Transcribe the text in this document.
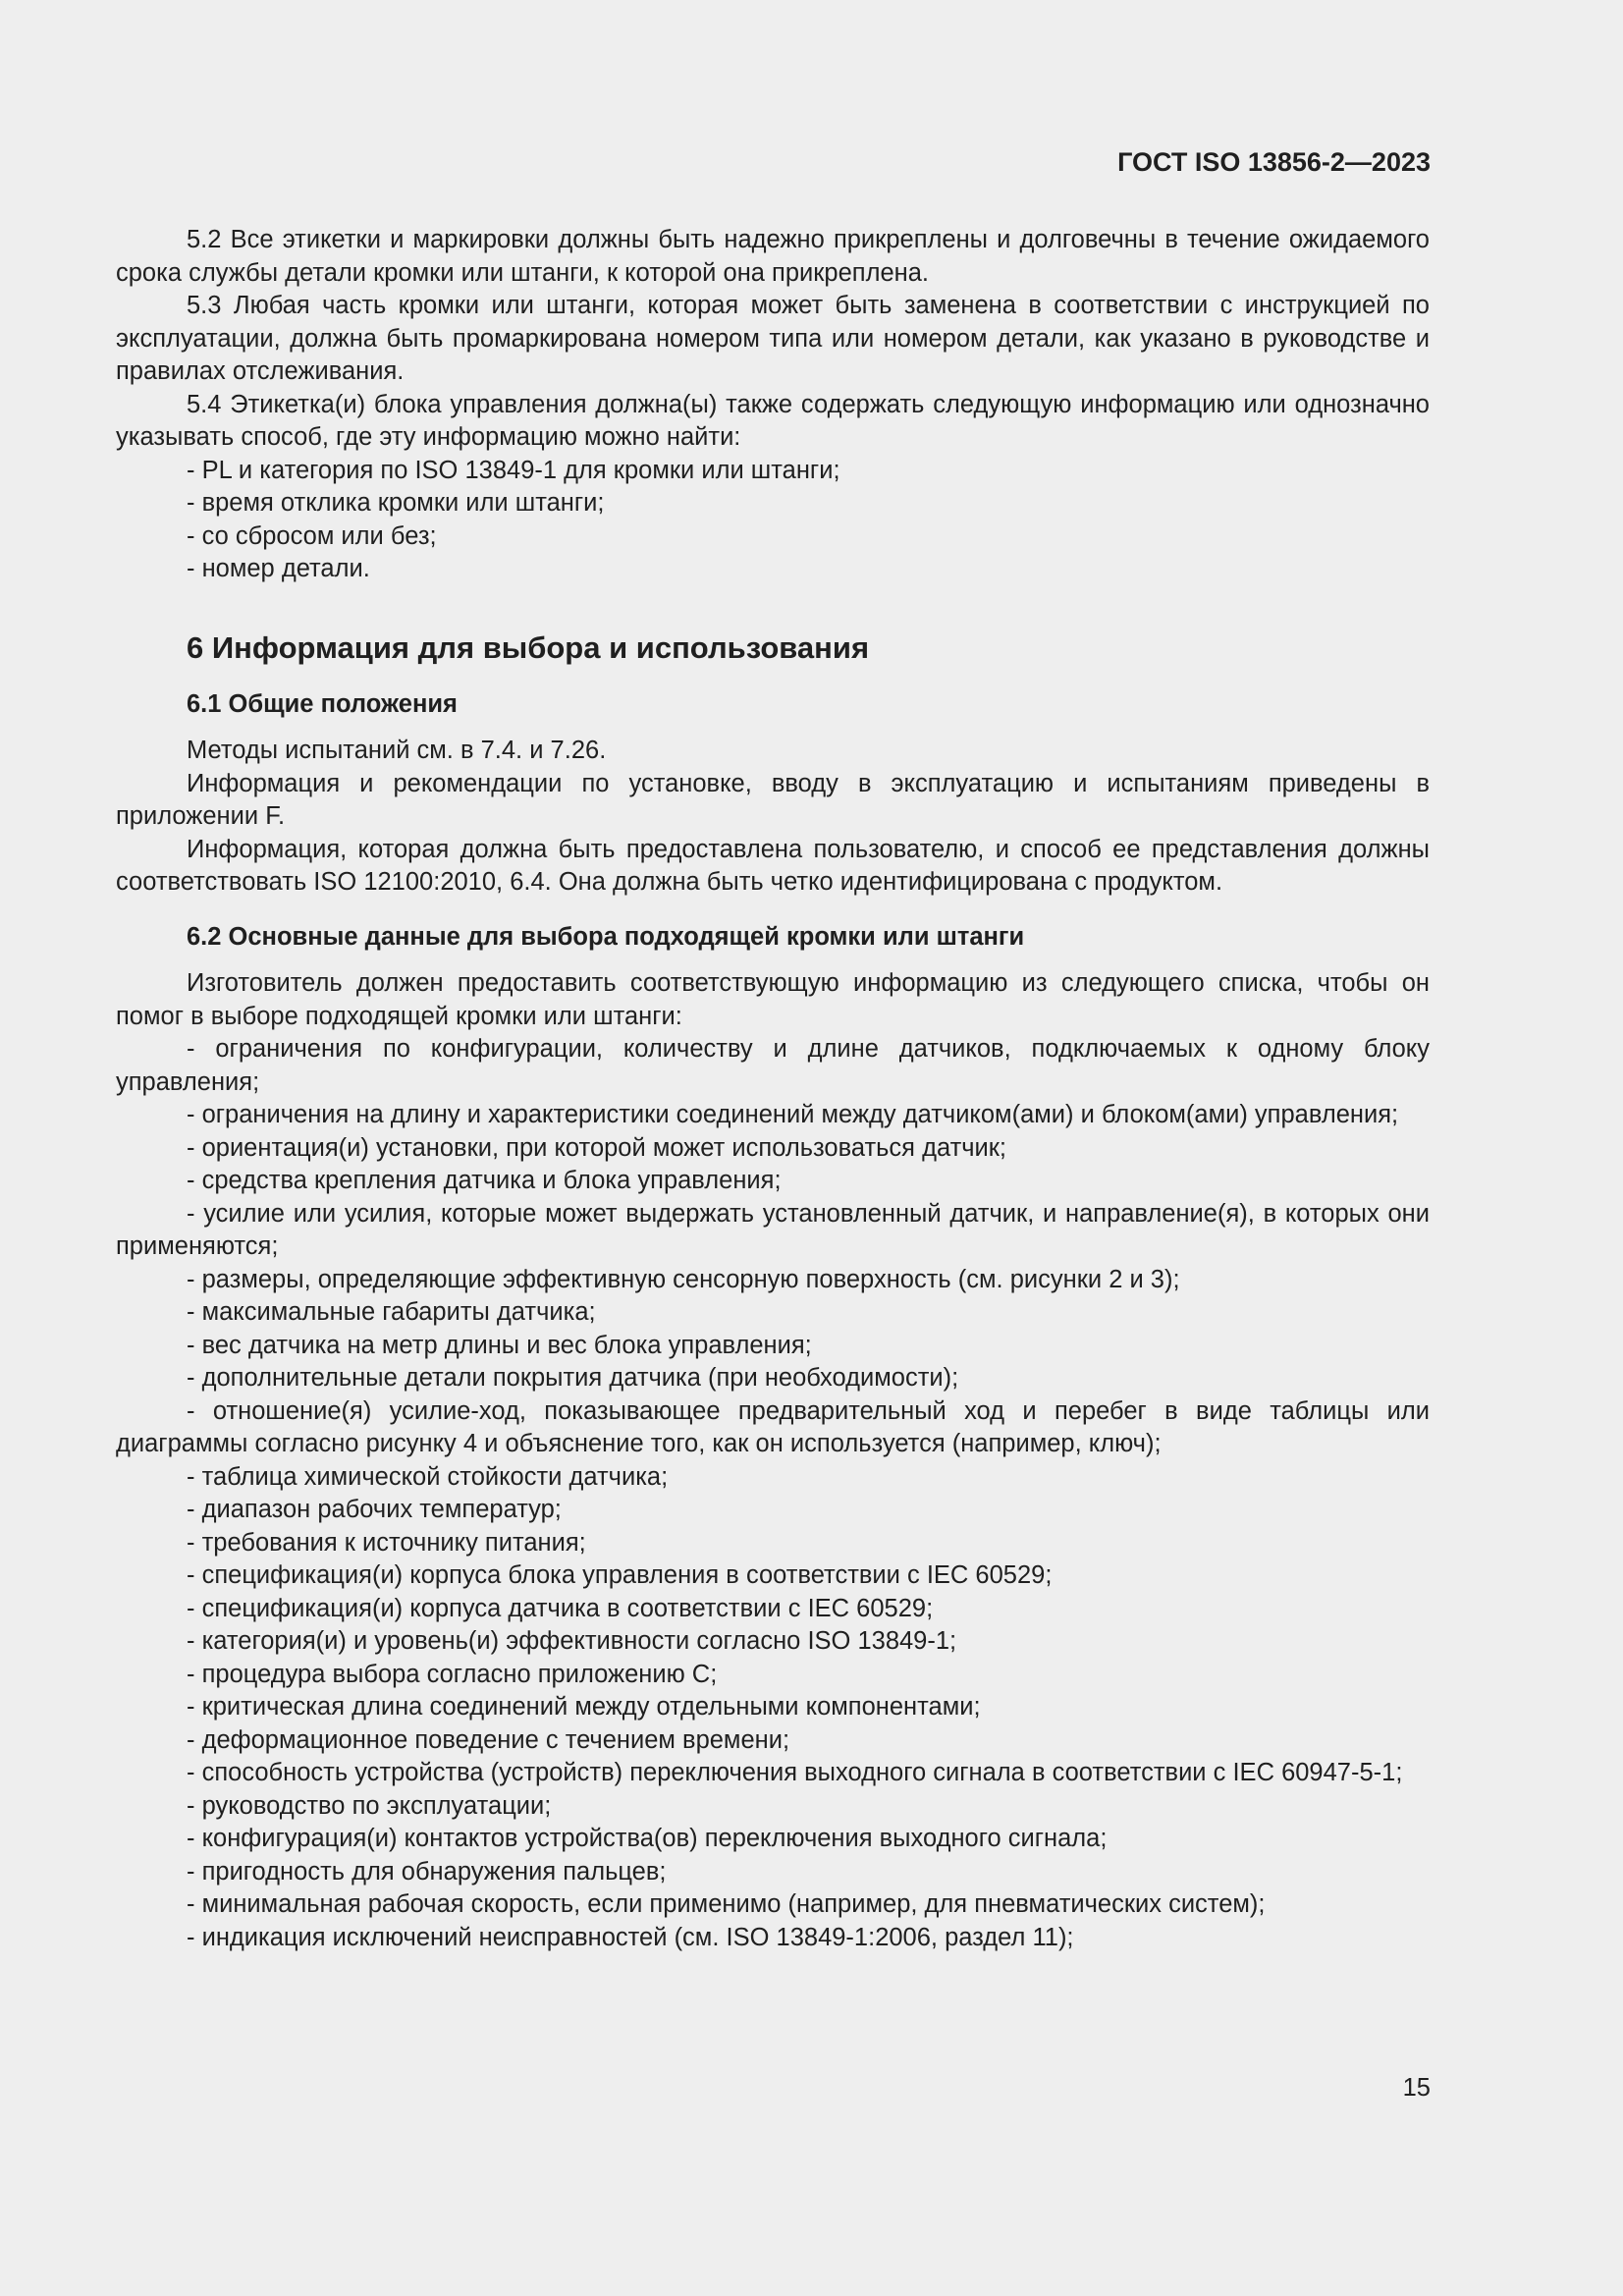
ГОСТ ISO 13856-2—2023

5.2 Все этикетки и маркировки должны быть надежно прикреплены и долговечны в течение ожидаемого срока службы детали кромки или штанги, к которой она прикреплена.

5.3 Любая часть кромки или штанги, которая может быть заменена в соответствии с инструкцией по эксплуатации, должна быть промаркирована номером типа или номером детали, как указано в руководстве и правилах отслеживания.

5.4 Этикетка(и) блока управления должна(ы) также содержать следующую информацию или однозначно указывать способ, где эту информацию можно найти:

- PL и категория по ISO 13849-1 для кромки или штанги;
- время отклика кромки или штанги;
- со сбросом или без;
- номер детали.
6 Информация для выбора и использования
6.1 Общие положения

Методы испытаний см. в 7.4. и 7.26.

Информация и рекомендации по установке, вводу в эксплуатацию и испытаниям приведены в приложении F.

Информация, которая должна быть предоставлена пользователю, и способ ее представления должны соответствовать ISO 12100:2010, 6.4. Она должна быть четко идентифицирована с продуктом.

6.2 Основные данные для выбора подходящей кромки или штанги

Изготовитель должен предоставить соответствующую информацию из следующего списка, чтобы он помог в выборе подходящей кромки или штанги:

- ограничения по конфигурации, количеству и длине датчиков, подключаемых к одному блоку управления;
- ограничения на длину и характеристики соединений между датчиком(ами) и блоком(ами) управления;
- ориентация(и) установки, при которой может использоваться датчик;
- средства крепления датчика и блока управления;
- усилие или усилия, которые может выдержать установленный датчик, и направление(я), в которых они применяются;
- размеры, определяющие эффективную сенсорную поверхность (см. рисунки 2 и 3);
- максимальные габариты датчика;
- вес датчика на метр длины и вес блока управления;
- дополнительные детали покрытия датчика (при необходимости);
- отношение(я) усилие-ход, показывающее предварительный ход и перебег в виде таблицы или диаграммы согласно рисунку 4 и объяснение того, как он используется (например, ключ);
- таблица химической стойкости датчика;
- диапазон рабочих температур;
- требования к источнику питания;
- спецификация(и) корпуса блока управления в соответствии с IEC 60529;
- спецификация(и) корпуса датчика в соответствии с IEC 60529;
- категория(и) и уровень(и) эффективности согласно ISO 13849-1;
- процедура выбора согласно приложению С;
- критическая длина соединений между отдельными компонентами;
- деформационное поведение с течением времени;
- способность устройства (устройств) переключения выходного сигнала в соответствии с IEC 60947-5-1;
- руководство по эксплуатации;
- конфигурация(и) контактов устройства(ов) переключения выходного сигнала;
- пригодность для обнаружения пальцев;
- минимальная рабочая скорость, если применимо (например, для пневматических систем);
- индикация исключений неисправностей (см. ISO 13849-1:2006, раздел 11);
15
